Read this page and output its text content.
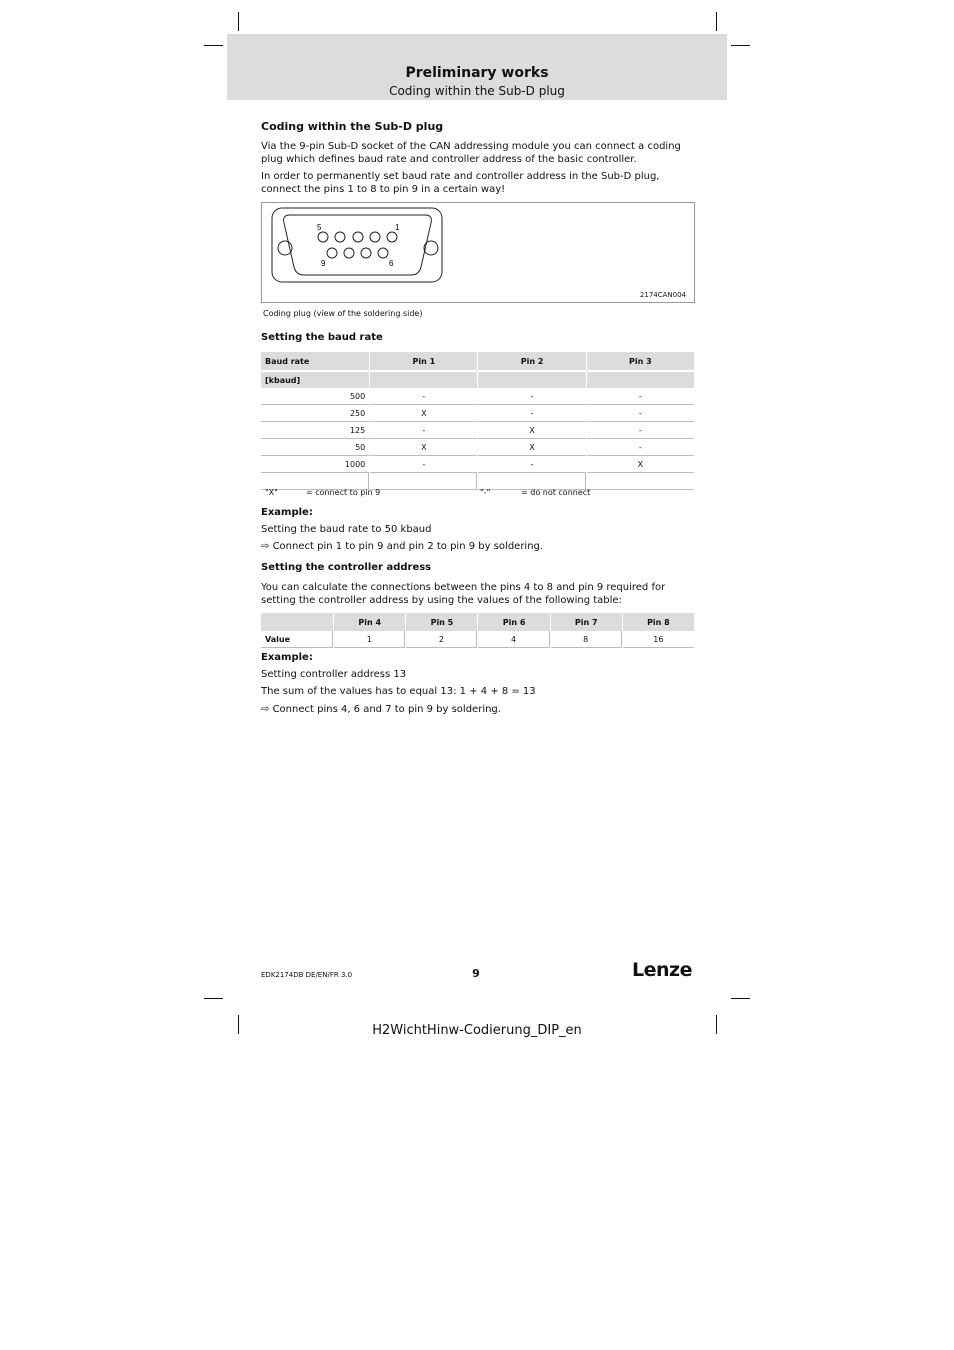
Preliminary works
Coding within the Sub-D plug
Coding within the Sub-D plug
Via the 9-pin Sub-D socket of the CAN addressing module you can connect a coding plug which defines baud rate and controller address of the basic controller.
In order to permanently set baud rate and controller address in the Sub-D plug, connect the pins 1 to 8 to pin 9 in a certain way!
5	1
9	6
2174CAN004
Coding plug (view of the soldering side)
Setting the baud rate
Baud rate	Pin 1	Pin 2	Pin 3
[kbaud]			
500	-	-	-
250	X	-	-
125	-	X	-
50	X	X	-
1000	-	-	X

"X"	= connect to pin 9	"-"	= do not connect
Example:
Setting the baud rate to 50 kbaud
⇨ Connect pin 1 to pin 9 and pin 2 to pin 9 by soldering.
Setting the controller address
You can calculate the connections between the pins 4 to 8 and pin 9 required for setting the controller address by using the values of the following table:
	Pin 4	Pin 5	Pin 6	Pin 7	Pin 8
Value	1	2	4	8	16
Example:
Setting controller address 13
The sum of the values has to equal 13: 1 + 4 + 8 = 13
⇨ Connect pins 4, 6 and 7 to pin 9 by soldering.
EDK2174DB DE/EN/FR 3.0	9	Lenze
H2WichtHinw-Codierung_DIP_en
